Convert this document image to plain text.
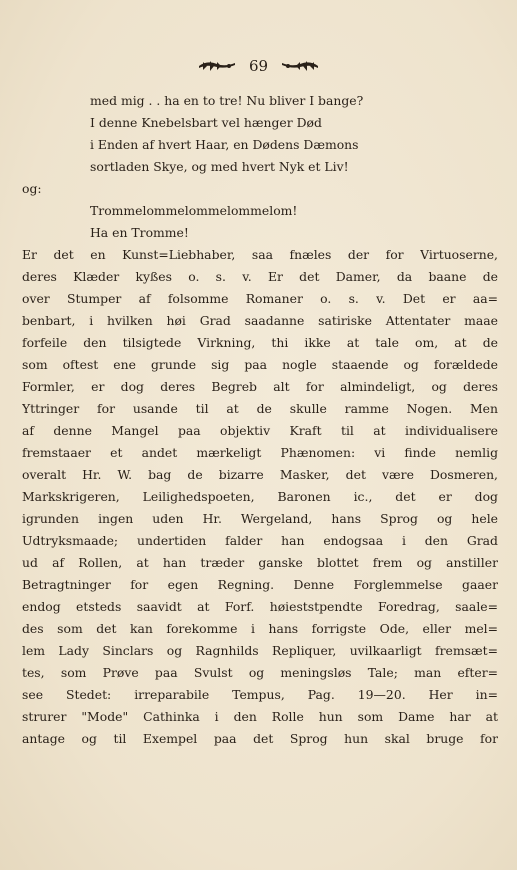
69
med mig . . ha en to tre! Nu bliver I bange?
I denne Knebelsbart vel hænger Død
i Enden af hvert Haar, en Dødens Dæmons
sortladen Skye, og med hvert Nyk et Liv!
og:
Trommelommelommelommelom!
Ha en Tromme!
Er det en Kunst=Liebhaber, saa fnæles der for Virtuoserne,
deres Klæder kyßes o. s. v. Er det Damer, da baane de
over Stumper af folsomme Romaner o. s. v. Det er aa=
benbart, i hvilken høi Grad saadanne satiriske Attentater maae
forfeile den tilsigtede Virkning, thi ikke at tale om, at de
som oftest ene grunde sig paa nogle staaende og forældede
Formler, er dog deres Begreb alt for almindeligt, og deres
Yttringer for usande til at de skulle ramme Nogen. Men
af denne Mangel paa objektiv Kraft til at individualisere
fremstaaer et andet mærkeligt Phænomen: vi finde nemlig
overalt Hr. W. bag de bizarre Masker, det være Dosmeren,
Markskrigeren, Leilighedspoeten, Baronen ic., det er dog
igrunden ingen uden Hr. Wergeland, hans Sprog og hele
Udtryksmaade; undertiden falder han endogsaa i den Grad
ud af Rollen, at han træder ganske blottet frem og anstiller
Betragtninger for egen Regning. Denne Forglemmelse gaaer
endog etsteds saavidt at Forf. høieststpendte Foredrag, saale=
des som det kan forekomme i hans forrigste Ode, eller mel=
lem Lady Sinclars og Ragnhilds Repliquer, uvilkaarligt fremsæt=
tes, som Prøve paa Svulst og meningsløs Tale; man efter=
see Stedet: irreparabile Tempus, Pag. 19—20. Her in=
strurer "Mode" Cathinka i den Rolle hun som Dame har at
antage og til Exempel paa det Sprog hun skal bruge for
